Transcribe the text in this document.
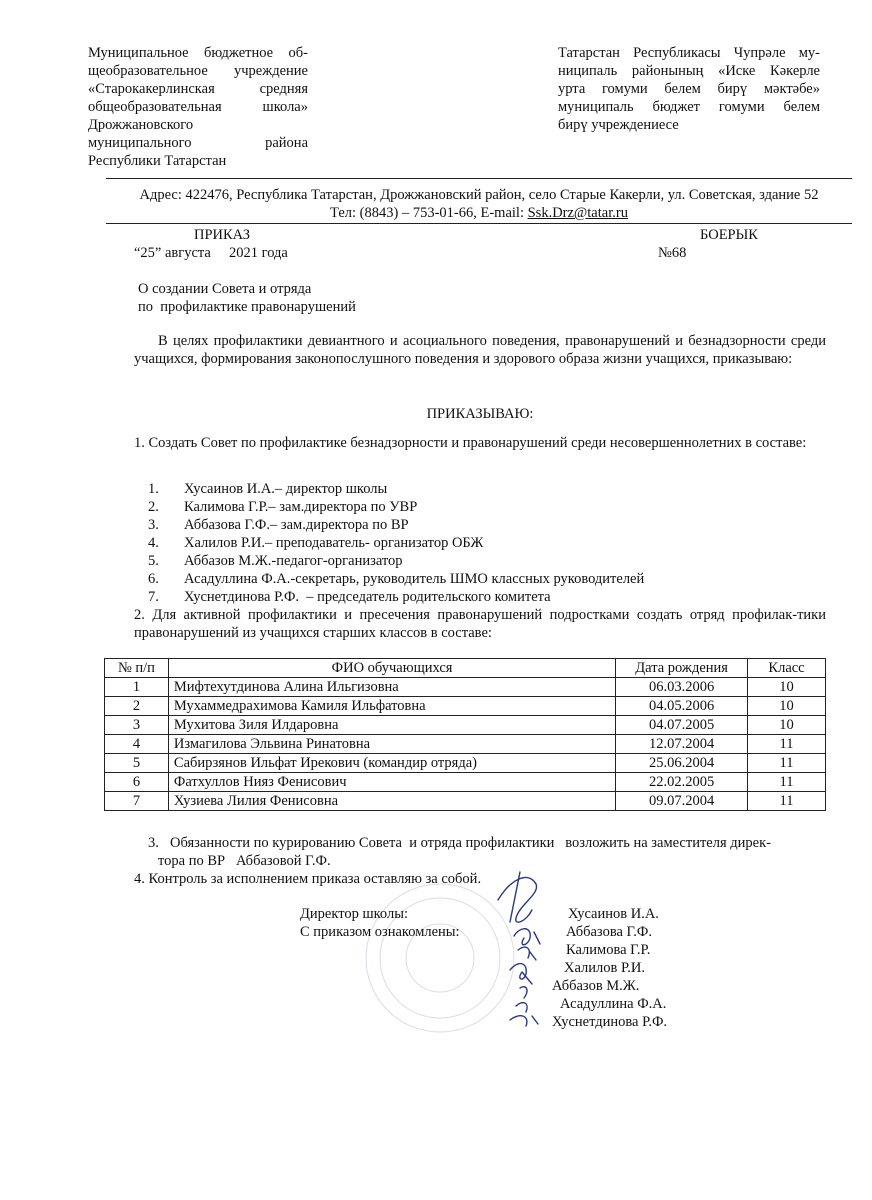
Муниципальное бюджетное об-
щеобразовательное учреждение
«Старокакерлинская средняя
общеобразовательная школа»
Дрожжановского
муниципального района
Республики Татарстан
Татарстан Республикасы Чупрәле му-
ниципаль районының «Иске Кәкерле
урта гомуми белем бирү мәктәбе»
муниципаль бюджет гомуми белем
бирү учреждениесе
Адрес: 422476, Республика Татарстан, Дрожжановский район, село Старые Какерли, ул. Советская, здание 52
Тел: (8843) – 753-01-66, E-mail: Ssk.Drz@tatar.ru
ПРИКАЗ	БОЕРЫК
“25” августа     2021 года	№68
О создании Совета и отряда
по  профилактике правонарушений
В целях профилактики девиантного и асоциального поведения, правонарушений и безнадзорности среди учащихся, формирования законопослушного поведения и здорового образа жизни учащихся, приказываю:
ПРИКАЗЫВАЮ:
1. Создать Совет по профилактике безнадзорности и правонарушений среди несовершеннолетних в составе:
1. Хусаинов И.А.– директор школы
2. Калимова Г.Р.– зам.директора по УВР
3. Аббазова Г.Ф.– зам.директора по ВР
4. Халилов Р.И.– преподаватель- организатор ОБЖ
5. Аббазов М.Ж.-педагог-организатор
6. Асадуллина Ф.А.-секретарь, руководитель ШМО классных руководителей
7. Хуснетдинова Р.Ф.  – председатель родительского комитета
2. Для активной профилактики и пресечения правонарушений подростками создать отряд профилак-тики правонарушений из учащихся старших классов в составе:
№ п/п	ФИО обучающихся	Дата рождения	Класс
1	Мифтехутдинова Алина Ильгизовна	06.03.2006	10
2	Мухаммедрахимова Камиля Ильфатовна	04.05.2006	10
3	Мухитова Зиля Илдаровна	04.07.2005	10
4	Измагилова Эльвина Ринатовна	12.07.2004	11
5	Сабирзянов Ильфат Ирекович (командир отряда)	25.06.2004	11
6	Фатхуллов Нияз Фенисович	22.02.2005	11
7	Хузиева Лилия Фенисовна	09.07.2004	11
3. Обязанности по курированию Совета  и отряда профилактики   возложить на заместителя дирек-
тора по ВР   Аббазовой Г.Ф.
4. Контроль за исполнением приказа оставляю за собой.
Директор школы:
С приказом ознакомлены:
Хусаинов И.А.
Аббазова Г.Ф.
Калимова Г.Р.
Халилов Р.И.
Аббазов М.Ж.
Асадуллина Ф.А.
Хуснетдинова Р.Ф.
